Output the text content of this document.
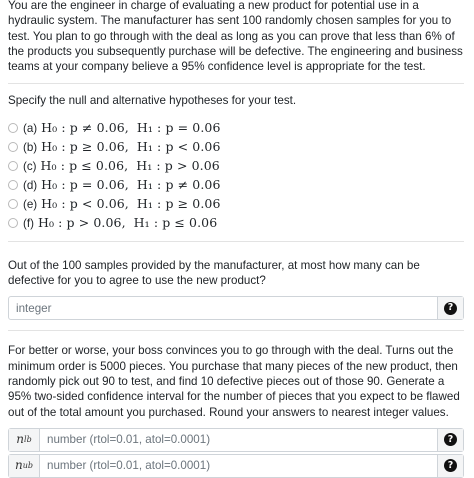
You are the engineer in charge of evaluating a new product for potential use in a hydraulic system. The manufacturer has sent 100 randomly chosen samples for you to test. You plan to go through with the deal as long as you can prove that less than 6% of the products you subsequently purchase will be defective. The engineering and business teams at your company believe a 95% confidence level is appropriate for the test.

Specify the null and alternative hypotheses for your test.

(a) H₀ : p ≠ 0.06, H₁ : p = 0.06
(b) H₀ : p ≥ 0.06, H₁ : p < 0.06
(c) H₀ : p ≤ 0.06, H₁ : p > 0.06
(d) H₀ : p = 0.06, H₁ : p ≠ 0.06
(e) H₀ : p < 0.06, H₁ : p ≥ 0.06
(f) H₀ : p > 0.06, H₁ : p ≤ 0.06

Out of the 100 samples provided by the manufacturer, at most how many can be defective for you to agree to use the new product?

integer	?

For better or worse, your boss convinces you to go through with the deal. Turns out the minimum order is 5000 pieces. You purchase that many pieces of the new product, then randomly pick out 90 to test, and find 10 defective pieces out of those 90. Generate a 95% two-sided confidence interval for the number of pieces that you expect to be flawed out of the total amount you purchased. Round your answers to nearest integer values.

n lb	number (rtol=0.01, atol=0.0001)	?
n ub	number (rtol=0.01, atol=0.0001)	?
